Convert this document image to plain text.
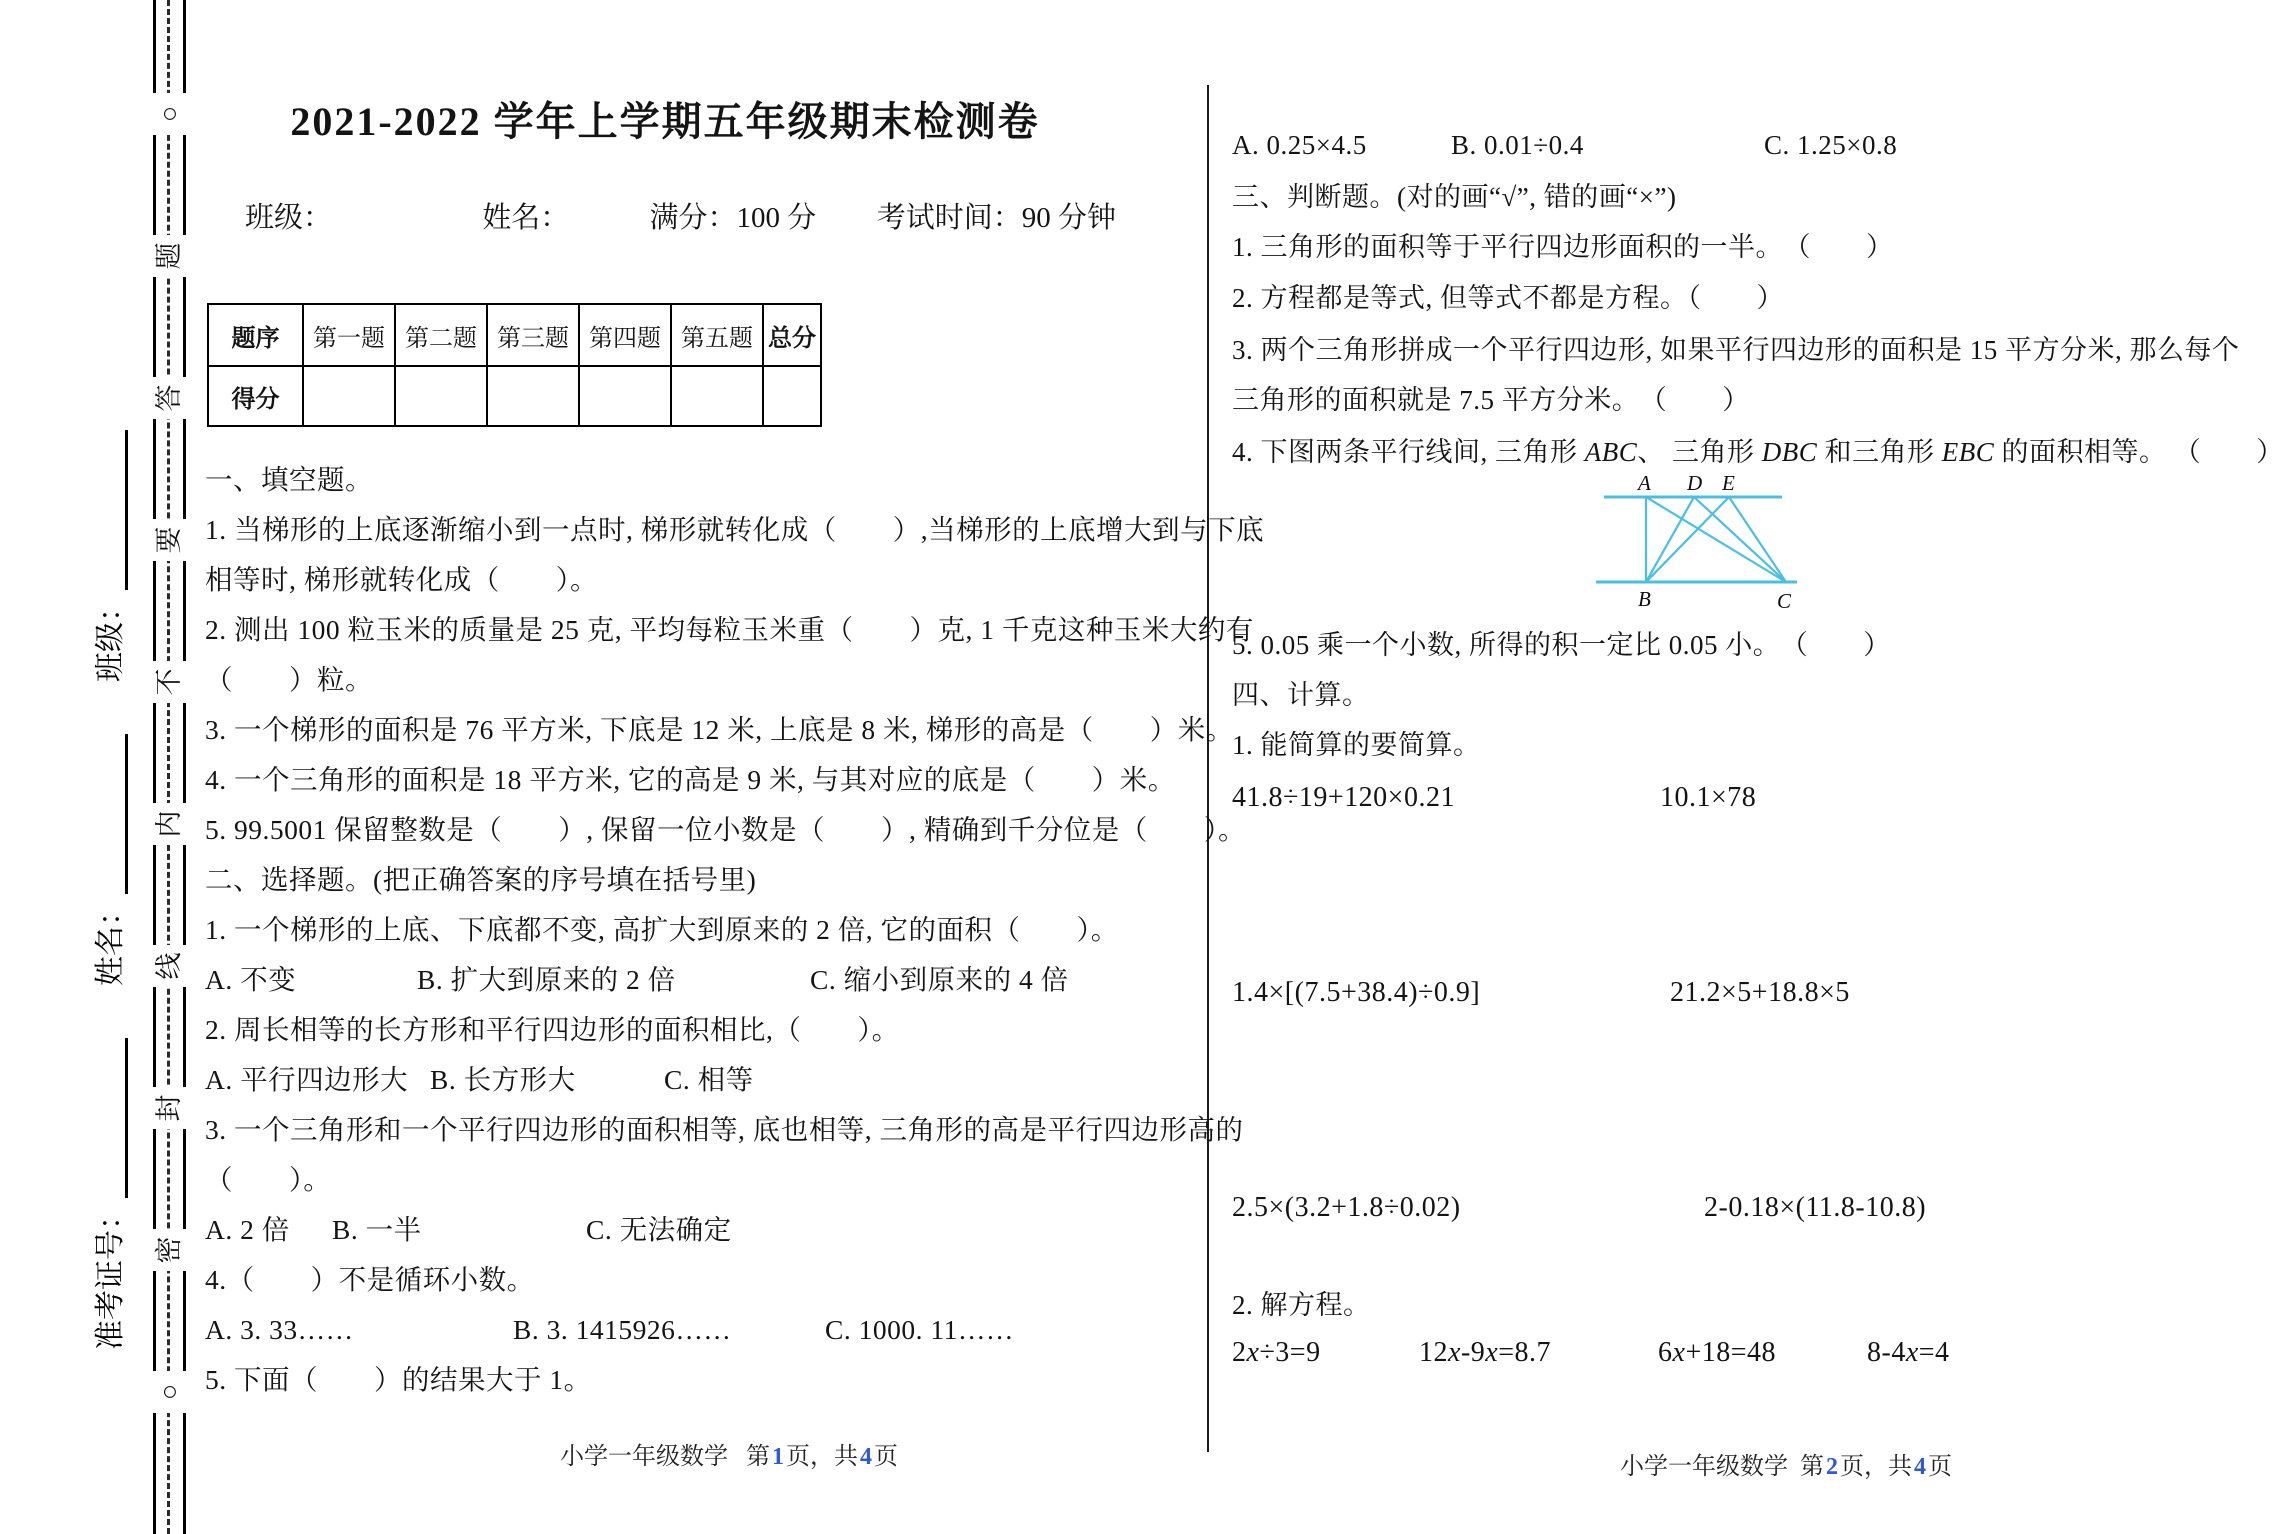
○
题
答
要
不
内
线
封
密
○
准考证号：
姓名：
班级：
2021-2022 学年上学期五年级期末检测卷
班级：	姓名：	满分：100 分 考试时间：90 分钟
题序	第一题	第二题	第三题	第四题	第五题	总分
得分						
一、填空题。
1. 当梯形的上底逐渐缩小到一点时, 梯形就转化成（　　）,当梯形的上底增大到与下底
相等时, 梯形就转化成（　　）。
2. 测出 100 粒玉米的质量是 25 克, 平均每粒玉米重（　　）克, 1 千克这种玉米大约有
（　　）粒。
3. 一个梯形的面积是 76 平方米, 下底是 12 米, 上底是 8 米, 梯形的高是（　　）米。
4. 一个三角形的面积是 18 平方米, 它的高是 9 米, 与其对应的底是（　　）米。
5. 99.5001 保留整数是（　　）, 保留一位小数是（　　）, 精确到千分位是（　　）。
二、选择题。(把正确答案的序号填在括号里)
1. 一个梯形的上底、下底都不变, 高扩大到原来的 2 倍, 它的面积（　　）。
A. 不变	B. 扩大到原来的 2 倍	C. 缩小到原来的 4 倍
2. 周长相等的长方形和平行四边形的面积相比,（　　）。
A. 平行四边形大 B. 长方形大	C. 相等
3. 一个三角形和一个平行四边形的面积相等, 底也相等, 三角形的高是平行四边形高的
（　　）。
A. 2 倍 B. 一半	C. 无法确定
4.（　　）不是循环小数。
A. 3. 33……	B. 3. 1415926……	C. 1000. 11……
5. 下面（　　）的结果大于 1。
小学一年级数学 第1页，共4页
A. 0.25×4.5	B. 0.01÷0.4	C. 1.25×0.8
三、判断题。(对的画“√”, 错的画“×”)
1. 三角形的面积等于平行四边形面积的一半。　（　　）
2. 方程都是等式, 但等式不都是方程。（　　）
3. 两个三角形拼成一个平行四边形, 如果平行四边形的面积是 15 平方分米, 那么每个
三角形的面积就是 7.5 平方分米。　（　　）
4. 下图两条平行线间, 三角形 ABC、 三角形 DBC 和三角形 EBC 的面积相等。 （　　）
A D E
B	C
5. 0.05 乘一个小数, 所得的积一定比 0.05 小。　（　　）
四、计算。
1. 能简算的要简算。
41.8÷19+120×0.21	10.1×78
1.4×[(7.5+38.4)÷0.9]	21.2×5+18.8×5
2.5×(3.2+1.8÷0.02)	2-0.18×(11.8-10.8)
2. 解方程。
2x÷3=9	12x-9x=8.7	6x+18=48	8-4x=4
小学一年级数学 第2页，共4页
